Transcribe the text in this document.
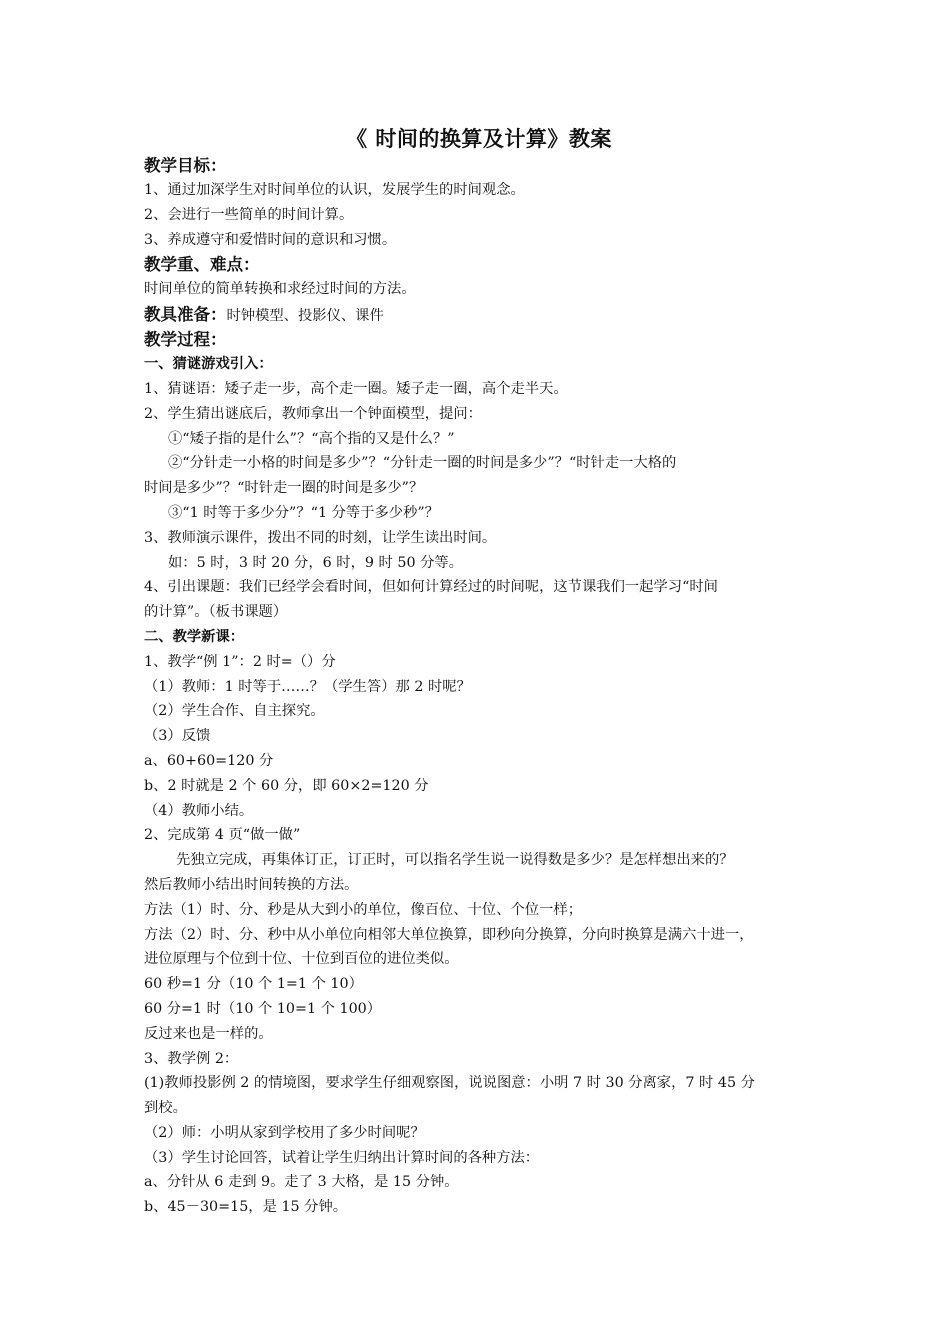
《 时间的换算及计算》教案
教学目标：
1、通过加深学生对时间单位的认识，发展学生的时间观念。
2、会进行一些简单的时间计算。
3、养成遵守和爱惜时间的意识和习惯。
教学重、难点：
时间单位的简单转换和求经过时间的方法。
教具准备：时钟模型、投影仪、课件
教学过程：
一、猜谜游戏引入：
1、猜谜语：矮子走一步，高个走一圈。矮子走一圈，高个走半天。
2、学生猜出谜底后，教师拿出一个钟面模型，提问：
①“矮子指的是什么”？“高个指的又是什么？”
②“分针走一小格的时间是多少”？“分针走一圈的时间是多少”？“时针走一大格的
时间是多少”？“时针走一圈的时间是多少”？
③“1 时等于多少分”？“1 分等于多少秒”？
3、教师演示课件，拨出不同的时刻，让学生读出时间。
如：5 时，3 时 20 分，6 时，9 时 50 分等。
4、引出课题：我们已经学会看时间，但如何计算经过的时间呢，这节课我们一起学习“时间
的计算”。（板书课题）
二、教学新课：
1、教学“例 1”：2 时=（）分
（1）教师：1 时等于……？（学生答）那 2 时呢？
（2）学生合作、自主探究。
（3）反馈
a、60+60=120 分
b、2 时就是 2 个 60 分，即 60×2=120 分
（4）教师小结。
2、完成第 4 页“做一做”
先独立完成，再集体订正，订正时，可以指名学生说一说得数是多少？是怎样想出来的？
然后教师小结出时间转换的方法。
方法（1）时、分、秒是从大到小的单位，像百位、十位、个位一样；
方法（2）时、分、秒中从小单位向相邻大单位换算，即秒向分换算，分向时换算是满六十进一，
进位原理与个位到十位、十位到百位的进位类似。
60 秒=1 分（10 个 1=1 个 10）
60 分=1 时（10 个 10=1 个 100）
反过来也是一样的。
3、教学例 2：
(1)教师投影例 2 的情境图，要求学生仔细观察图，说说图意：小明 7 时 30 分离家，7 时 45 分
到校。
（2）师：小明从家到学校用了多少时间呢？
（3）学生讨论回答，试着让学生归纳出计算时间的各种方法：
a、分针从 6 走到 9。走了 3 大格，是 15 分钟。
b、45－30=15，是 15 分钟。
